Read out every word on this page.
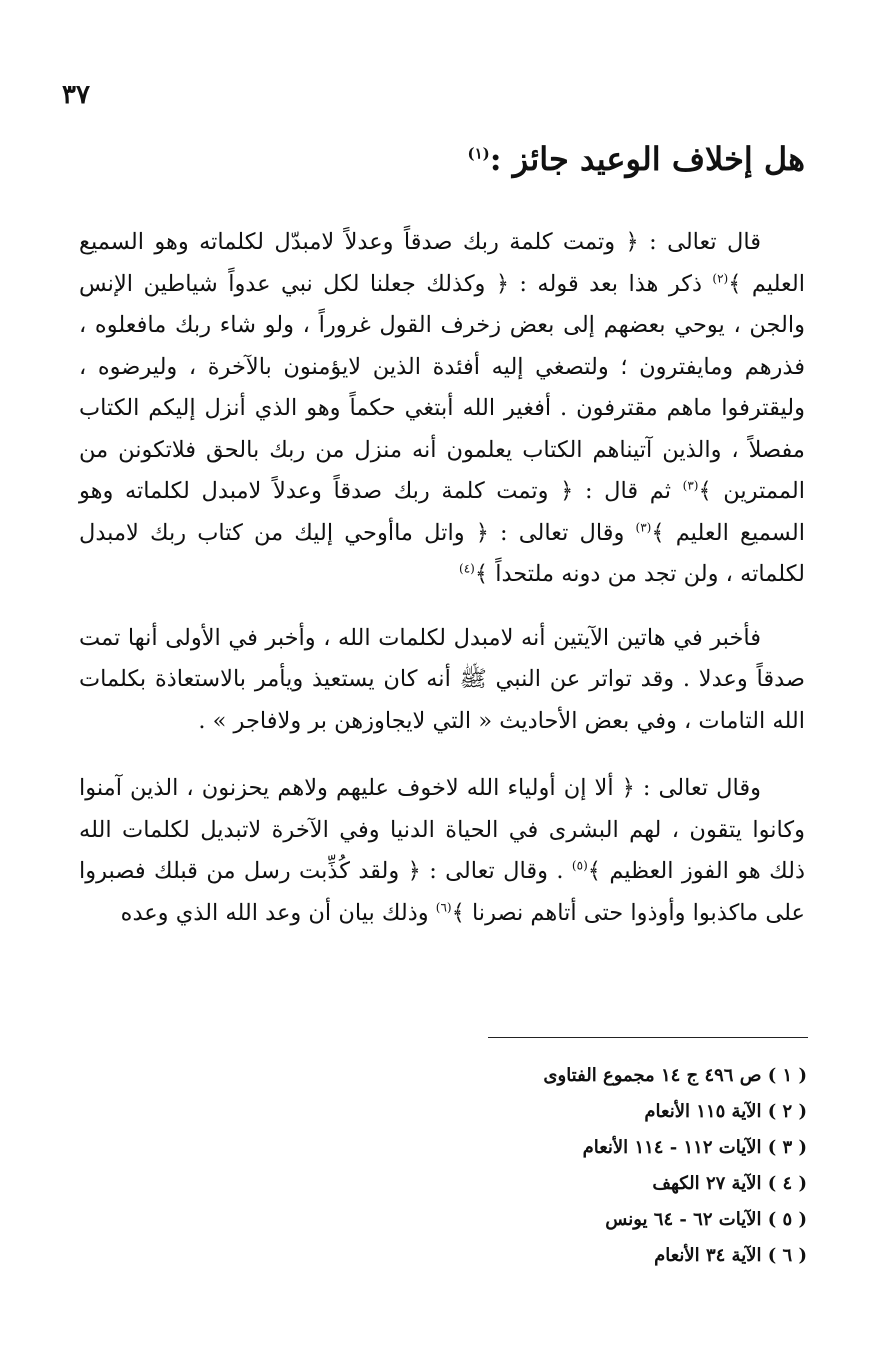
٣٧
هل إخلاف الوعيد جائز :$^{(١)}$

قال تعالى : ﴿ وتمت كلمة ربك صدقاً وعدلاً لامبدّل لكلماته وهو السميع العليم ﴾$^{(٢)}$ ذكر هذا بعد قوله : ﴿ وكذلك جعلنا لكل نبي عدواً شياطين الإنس والجن ، يوحي بعضهم إلى بعض زخرف القول غروراً ، ولو شاء ربك مافعلوه ، فذرهم ومايفترون ؛ ولتصغي إليه أفئدة الذين لايؤمنون بالآخرة ، وليرضوه ، وليقترفوا ماهم مقترفون . أفغير الله أبتغي حكماً وهو الذي أنزل إليكم الكتاب مفصلاً ، والذين آتيناهم الكتاب يعلمون أنه منزل من ربك بالحق فلاتكونن من الممترين ﴾$^{(٣)}$ ثم قال : ﴿ وتمت كلمة ربك صدقاً وعدلاً لامبدل لكلماته وهو السميع العليم ﴾$^{(٣)}$ وقال تعالى : ﴿ واتل ماأوحي إليك من كتاب ربك لامبدل لكلماته ، ولن تجد من دونه ملتحداً ﴾$^{(٤)}$

فأخبر في هاتين الآيتين أنه لامبدل لكلمات الله ، وأخبر في الأولى أنها تمت صدقاً وعدلا . وقد تواتر عن النبي ﷺ أنه كان يستعيذ ويأمر بالاستعاذة بكلمات الله التامات ، وفي بعض الأحاديث « التي لايجاوزهن بر ولافاجر » .

وقال تعالى : ﴿ ألا إن أولياء الله لاخوف عليهم ولاهم يحزنون ، الذين آمنوا وكانوا يتقون ، لهم البشرى في الحياة الدنيا وفي الآخرة لاتبديل لكلمات الله ذلك هو الفوز العظيم ﴾$^{(٥)}$ . وقال تعالى : ﴿ ولقد كُذِّبت رسل من قبلك فصبروا على ماكذبوا وأوذوا حتى أتاهم نصرنا ﴾$^{(٦)}$ وذلك بيان أن وعد الله الذي وعده

( ١ ) ص ٤٩٦ ج ١٤ مجموع الفتاوى
( ٢ ) الآية ١١٥ الأنعام
( ٣ ) الآيات ١١٢ - ١١٤ الأنعام
( ٤ ) الآية ٢٧ الكهف
( ٥ ) الآيات ٦٢ - ٦٤ يونس
( ٦ ) الآية ٣٤ الأنعام
